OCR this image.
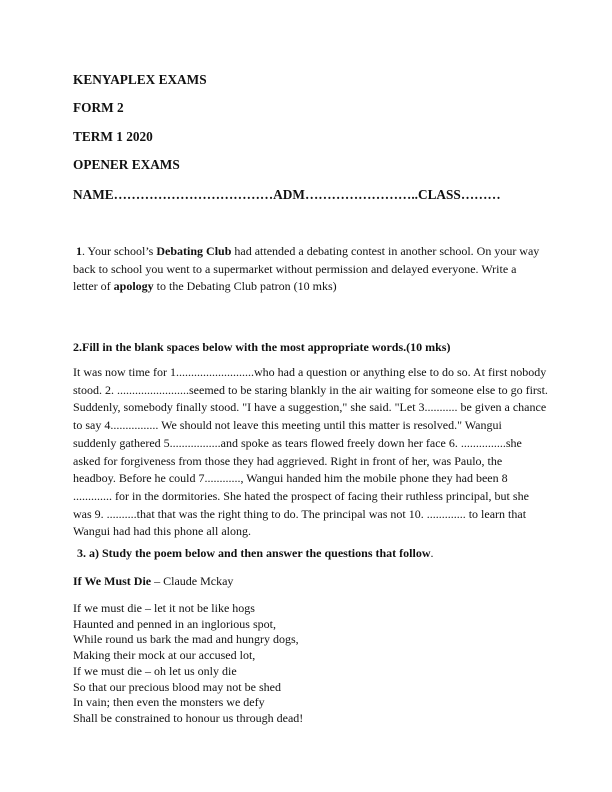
KENYAPLEX EXAMS
FORM 2
TERM 1 2020
OPENER EXAMS
NAME………………………………ADM……………………..CLASS………
1. Your school’s Debating Club had attended a debating contest in another school. On your way back to school you went to a supermarket without permission and delayed everyone. Write a letter of apology to the Debating Club patron (10 mks)
2.Fill in the blank spaces below with the most appropriate words.(10 mks)
It was now time for 1..........................who had a question or anything else to do so. At first nobody stood. 2. ........................seemed to be staring blankly in the air waiting for someone else to go first. Suddenly, somebody finally stood. "I have a suggestion," she said. "Let 3........... be given a chance to say 4................ We should not leave this meeting until this matter is resolved." Wangui suddenly gathered 5.................and spoke as tears flowed freely down her face 6. ...............she asked for forgiveness from those they had aggrieved. Right in front of her, was Paulo, the headboy. Before he could 7............, Wangui handed him the mobile phone they had been 8 ............. for in the dormitories. She hated the prospect of facing their ruthless principal, but she was 9. ..........that that was the right thing to do. The principal was not 10. ............. to learn that Wangui had had this phone all along.
3. a) Study the poem below and then answer the questions that follow.
If We Must Die – Claude Mckay
If we must die – let it not be like hogs
Haunted and penned in an inglorious spot,
While round us bark the mad and hungry dogs,
Making their mock at our accused lot,
If we must die – oh let us only die
So that our precious blood may not be shed
In vain; then even the monsters we defy
Shall be constrained to honour us through dead!
